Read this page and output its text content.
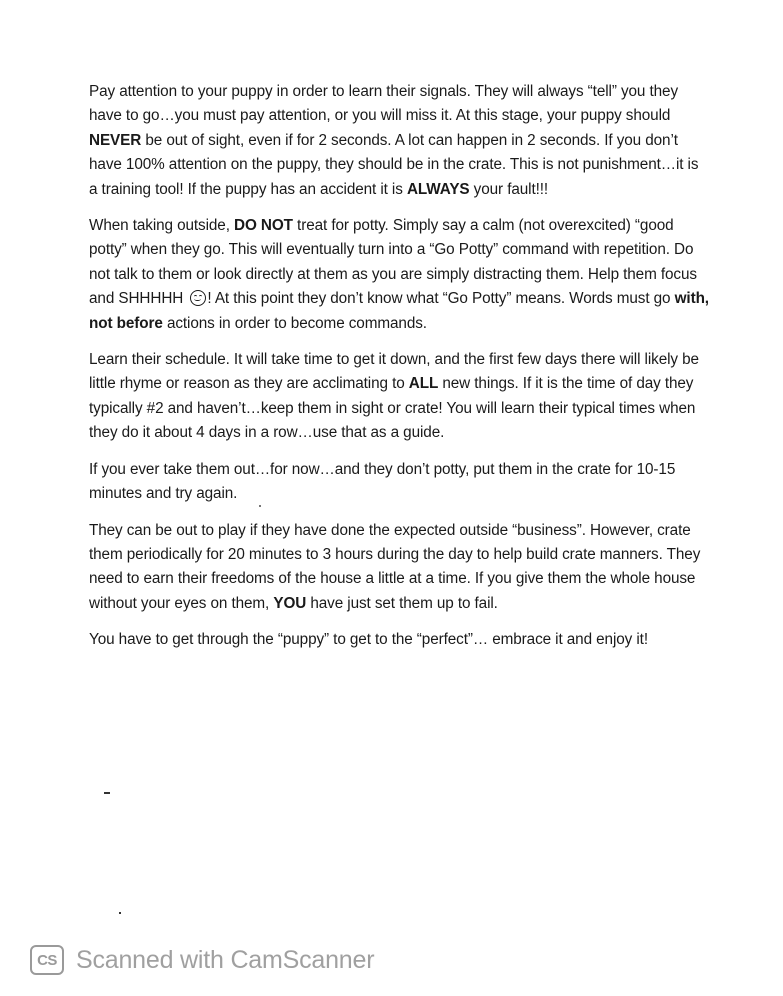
Pay attention to your puppy in order to learn their signals. They will always “tell” you they have to go…you must pay attention, or you will miss it. At this stage, your puppy should NEVER be out of sight, even if for 2 seconds. A lot can happen in 2 seconds. If you don’t have 100% attention on the puppy, they should be in the crate. This is not punishment…it is a training tool! If the puppy has an accident it is ALWAYS your fault!!!

When taking outside, DO NOT treat for potty. Simply say a calm (not overexcited) “good potty” when they go. This will eventually turn into a “Go Potty” command with repetition. Do not talk to them or look directly at them as you are simply distracting them. Help them focus and SHHHHH
! At this point they don’t know what “Go Potty” means. Words must go with, not before actions in order to become commands.

Learn their schedule. It will take time to get it down, and the first few days there will likely be little rhyme or reason as they are acclimating to ALL new things. If it is the time of day they typically #2 and haven’t…keep them in sight or crate! You will learn their typical times when they do it about 4 days in a row…use that as a guide.

If you ever take them out…for now…and they don’t potty, put them in the crate for 10-15 minutes and try again.

They can be out to play if they have done the expected outside “business”. However, crate them periodically for 20 minutes to 3 hours during the day to help build crate manners. They need to earn their freedoms of the house a little at a time. If you give them the whole house without your eyes on them, YOU have just set them up to fail.

You have to get through the “puppy” to get to the “perfect”… embrace it and enjoy it!

CS Scanned with CamScanner
